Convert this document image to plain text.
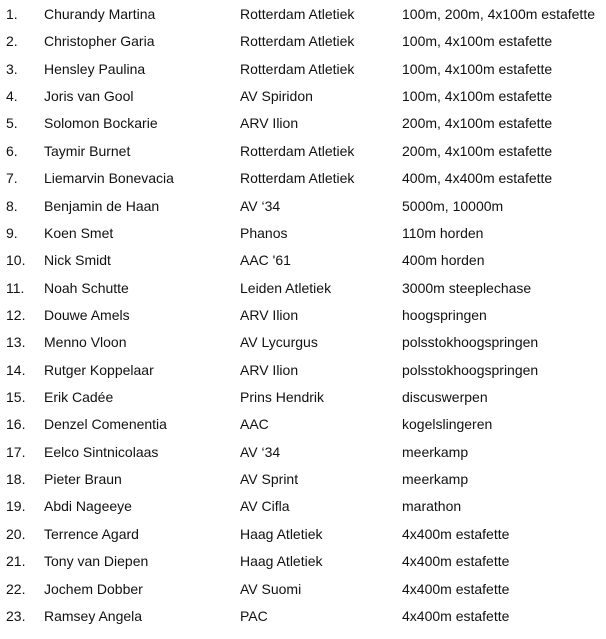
1. Churandy Martina	Rotterdam Atletiek	100m, 200m, 4x100m estafette
2. Christopher Garia	Rotterdam Atletiek	100m, 4x100m estafette
3. Hensley Paulina	Rotterdam Atletiek	100m, 4x100m estafette
4. Joris van Gool	AV Spiridon	100m, 4x100m estafette
5. Solomon Bockarie	ARV Ilion	200m, 4x100m estafette
6. Taymir Burnet	Rotterdam Atletiek	200m, 4x100m estafette
7. Liemarvin Bonevacia	Rotterdam Atletiek	400m, 4x400m estafette
8. Benjamin de Haan	AV ‘34	5000m, 10000m
9. Koen Smet	Phanos	110m horden
10. Nick Smidt	AAC '61	400m horden
11. Noah Schutte	Leiden Atletiek	3000m steeplechase
12. Douwe Amels	ARV Ilion	hoogspringen
13. Menno Vloon	AV Lycurgus	polsstokhoogspringen
14. Rutger Koppelaar	ARV Ilion	polsstokhoogspringen
15. Erik Cadée	Prins Hendrik	discuswerpen
16. Denzel Comenentia	AAC	kogelslingeren
17. Eelco Sintnicolaas	AV ‘34	meerkamp
18. Pieter Braun	AV Sprint	meerkamp
19. Abdi Nageeye	AV Cifla	marathon
20. Terrence Agard	Haag Atletiek	4x400m estafette
21. Tony van Diepen	Haag Atletiek	4x400m estafette
22. Jochem Dobber	AV Suomi	4x400m estafette
23. Ramsey Angela	PAC	4x400m estafette
